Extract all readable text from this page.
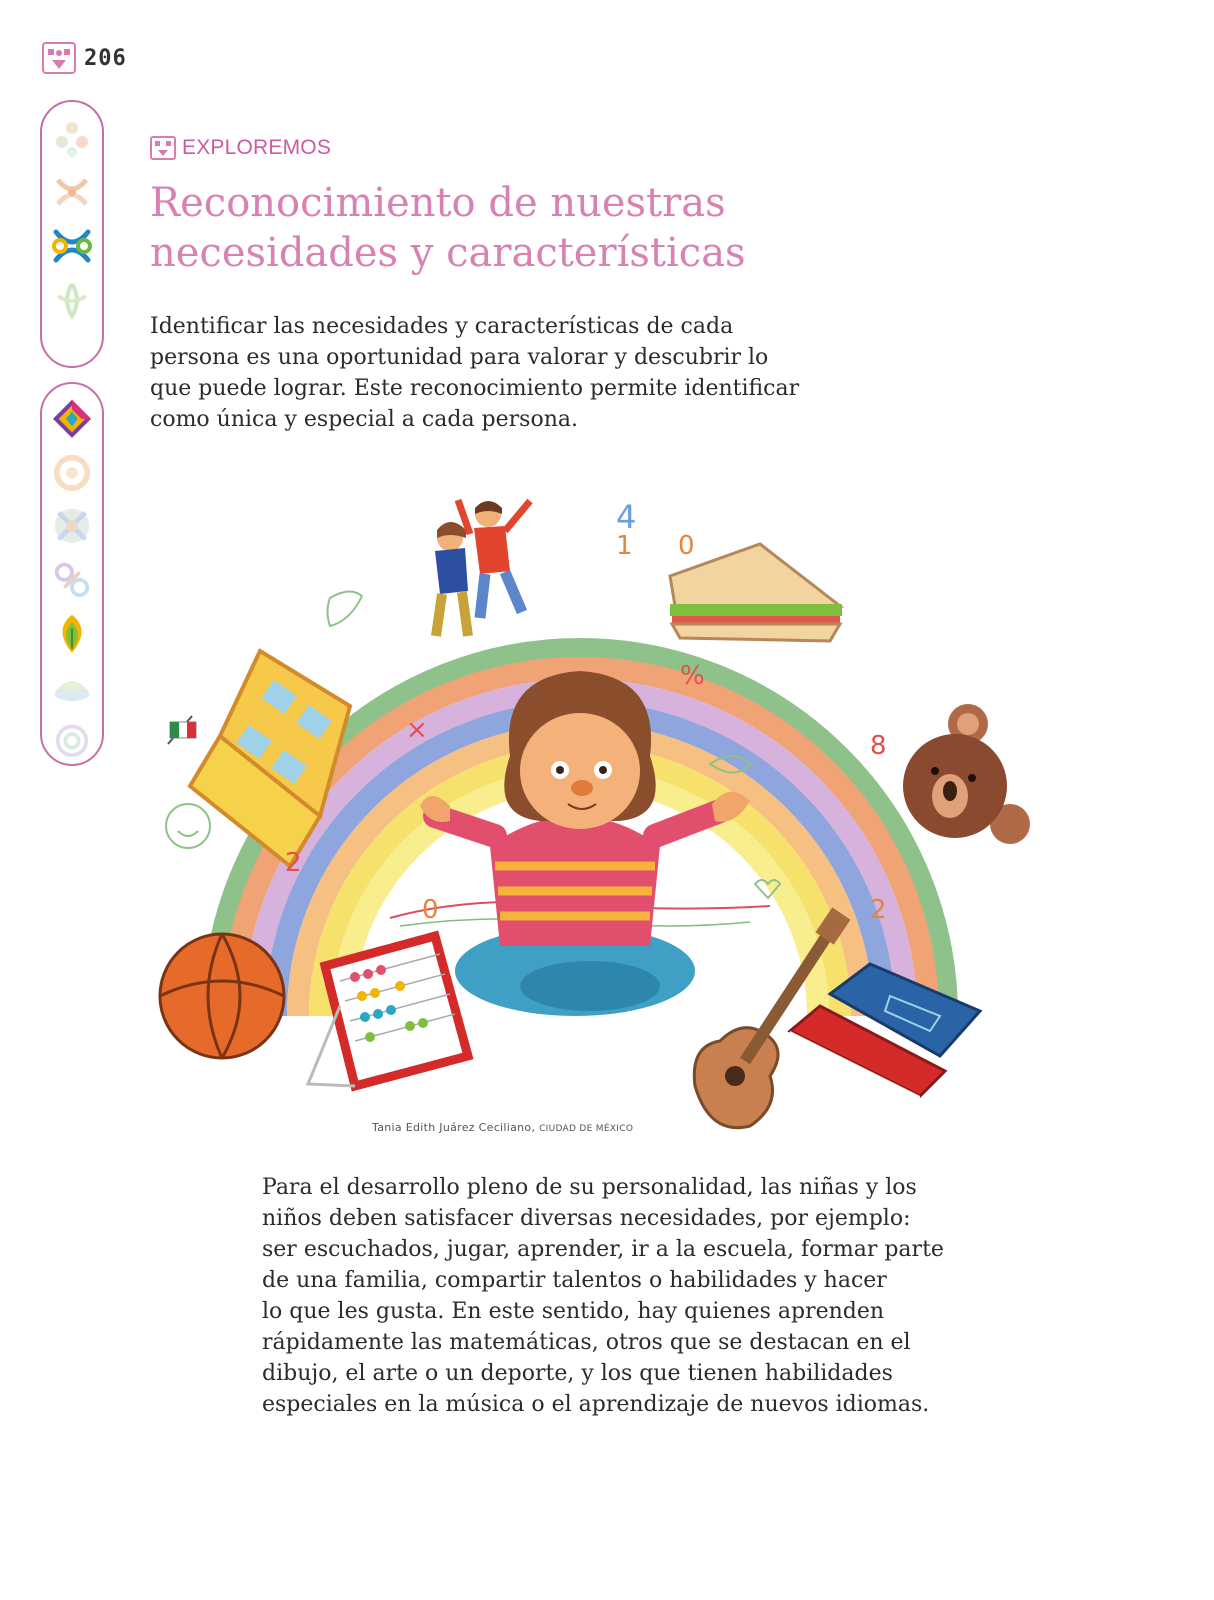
206
EXPLOREMOS
Reconocimiento de nuestras necesidades y características

Identificar las necesidades y características de cada
persona es una oportunidad para valorar y descubrir lo
que puede lograr. Este reconocimiento permite identificar
como única y especial a cada persona.

1
4
0
8
2
2
0
%
×
Tania Edith Juárez Ceciliano, CIUDAD DE MÉXICO

Para el desarrollo pleno de su personalidad, las niñas y los
niños deben satisfacer diversas necesidades, por ejemplo:
ser escuchados, jugar, aprender, ir a la escuela, formar parte
de una familia, compartir talentos o habilidades y hacer
lo que les gusta. En este sentido, hay quienes aprenden
rápidamente las matemáticas, otros que se destacan en el
dibujo, el arte o un deporte, y los que tienen habilidades
especiales en la música o el aprendizaje de nuevos idiomas.
